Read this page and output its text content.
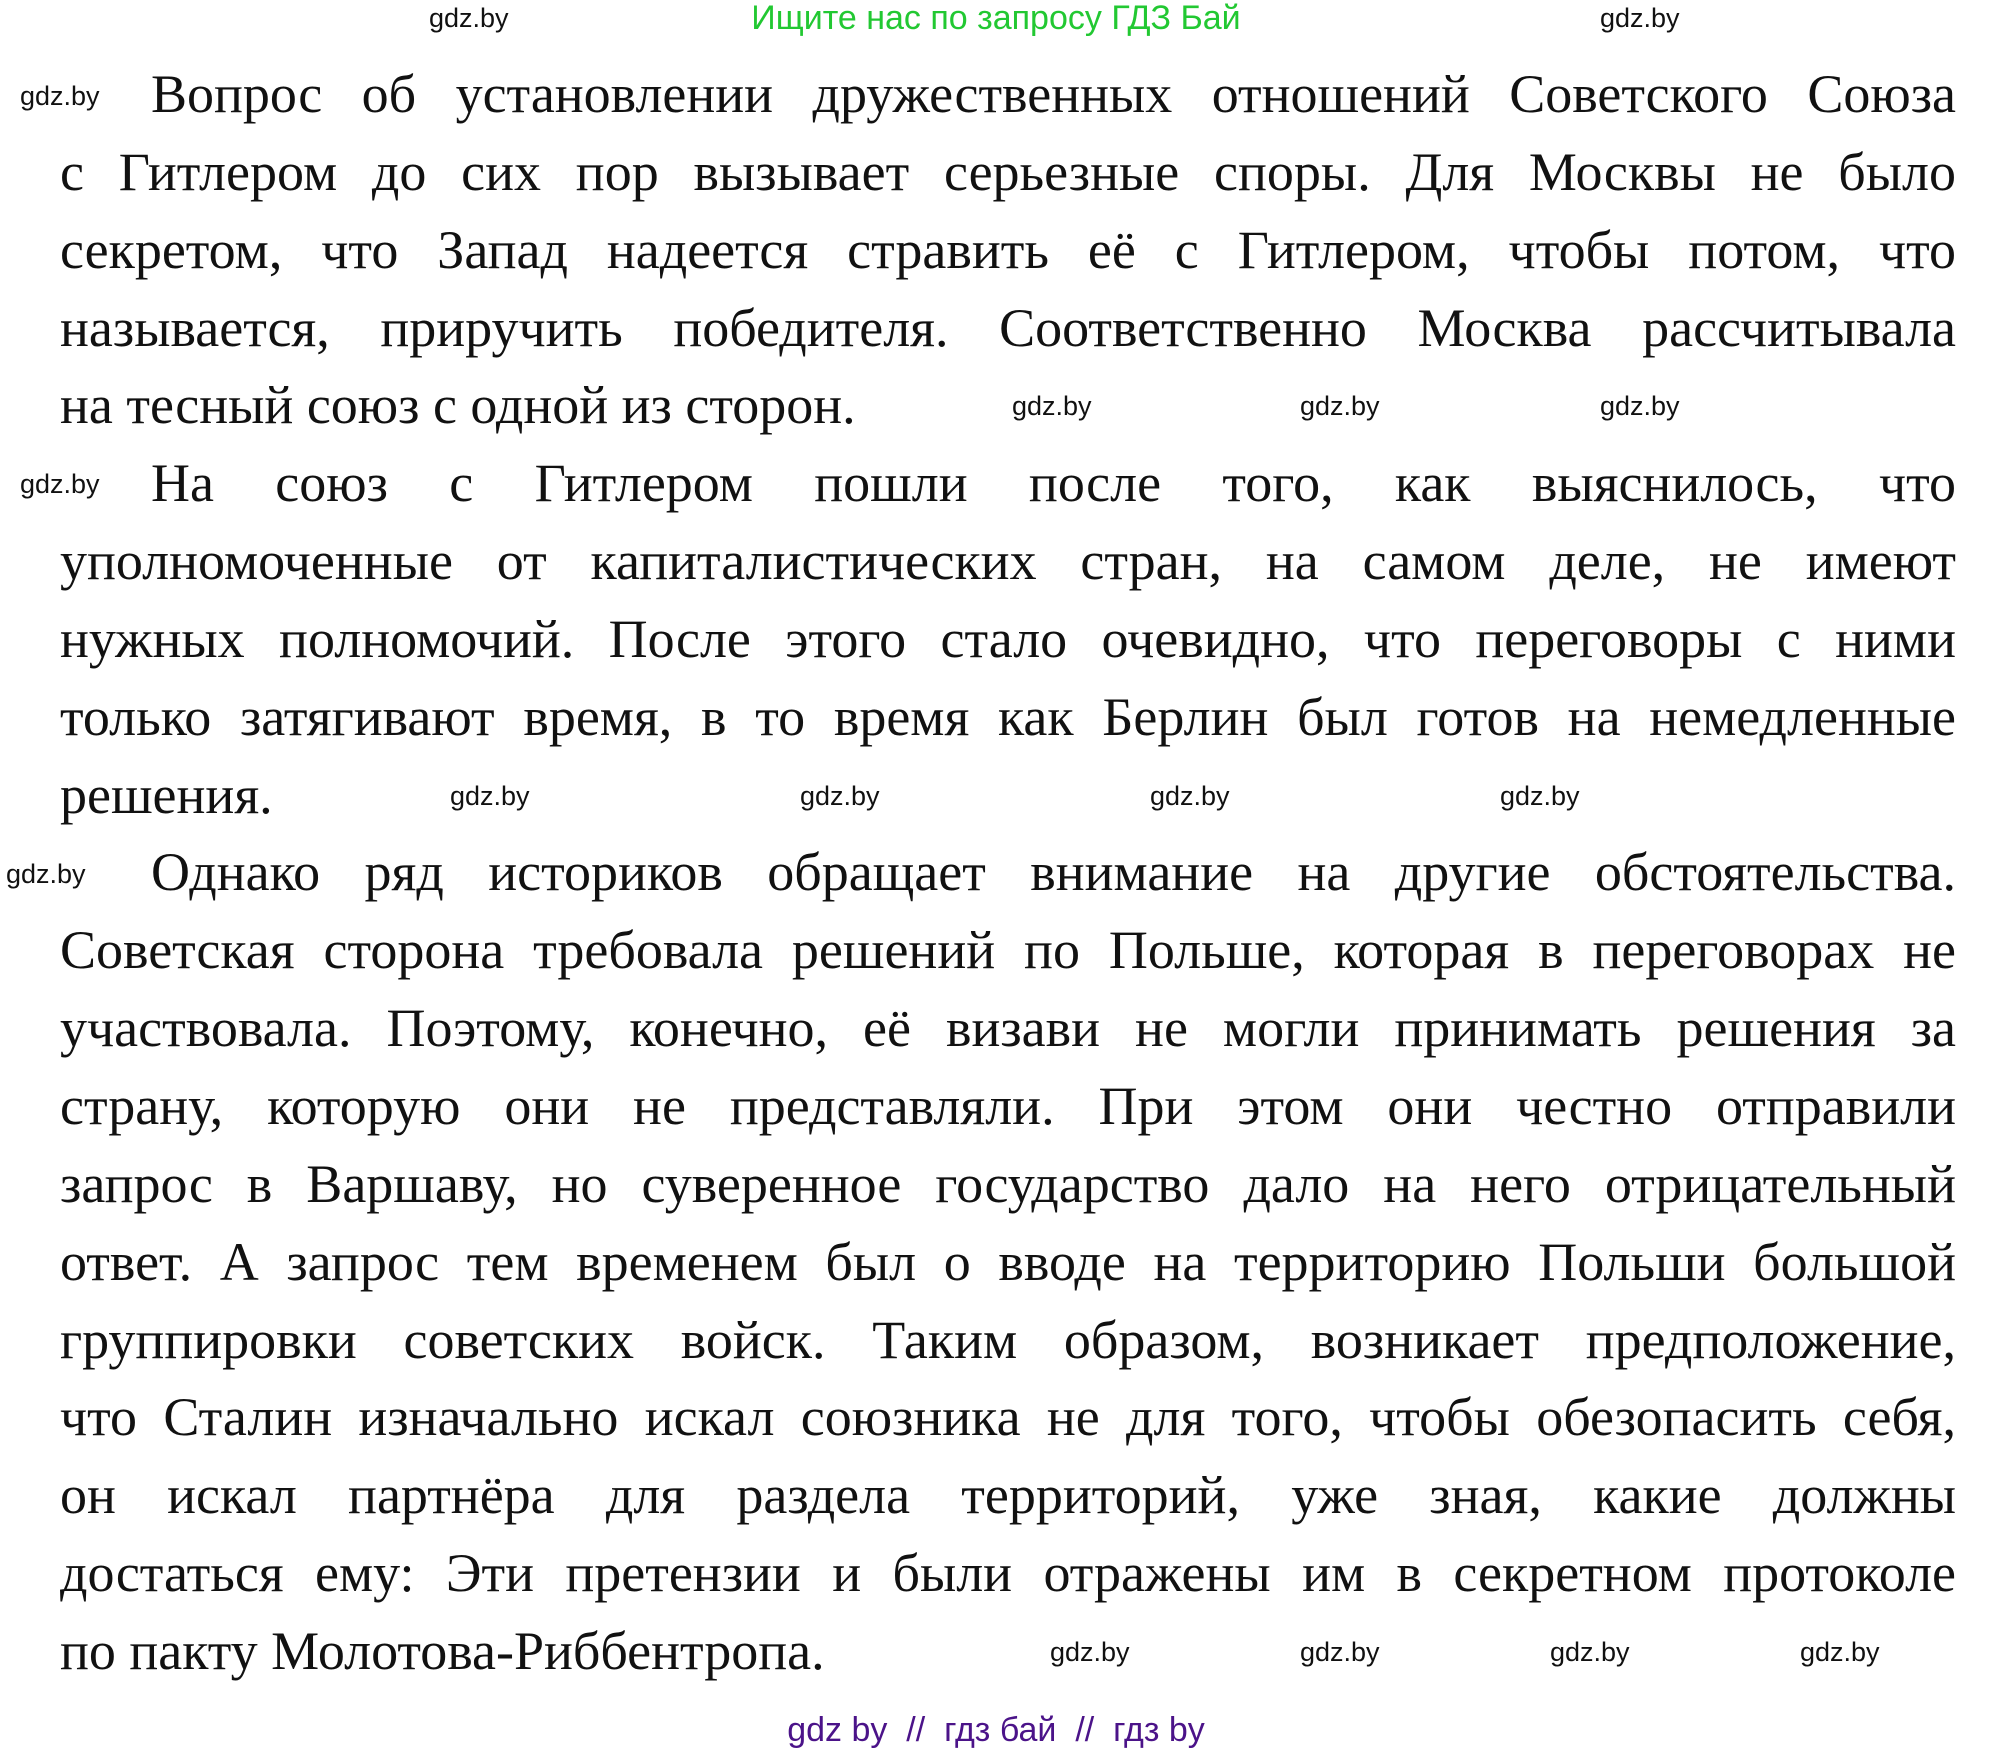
Ищите нас по запросу ГДЗ Бай
Вопрос об установлении дружественных отношений Советского Союза
с Гитлером до сих пор вызывает серьезные споры. Для Москвы не было
секретом, что Запад надеется стравить её с Гитлером, чтобы потом, что
называется, приручить победителя. Соответственно Москва рассчитывала
на тесный союз с одной из сторон.
На союз с Гитлером пошли после того, как выяснилось, что
уполномоченные от капиталистических стран, на самом деле, не имеют
нужных полномочий. После этого стало очевидно, что переговоры с ними
только затягивают время, в то время как Берлин был готов на немедленные
решения.
Однако ряд историков обращает внимание на другие обстоятельства.
Советская сторона требовала решений по Польше, которая в переговорах не
участвовала. Поэтому, конечно, её визави не могли принимать решения за
страну, которую они не представляли. При этом они честно отправили
запрос в Варшаву, но суверенное государство дало на него отрицательный
ответ. А запрос тем временем был о вводе на территорию Польши большой
группировки советских войск. Таким образом, возникает предположение,
что Сталин изначально искал союзника не для того, чтобы обезопасить себя,
он искал партнёра для раздела территорий, уже зная, какие должны
достаться ему: Эти претензии и были отражены им в секретном протоколе
по пакту Молотова-Риббентропа.
gdz.by
gdz.by
gdz.by	gdz.by	gdz.by
gdz.by
gdz.by	gdz.by
gdz.by
gdz.by	gdz.by
gdz.by	gdz.by	gdz.by	gdz.by
gdz.by
gdz by  //  гдз бай  //  гдз by
